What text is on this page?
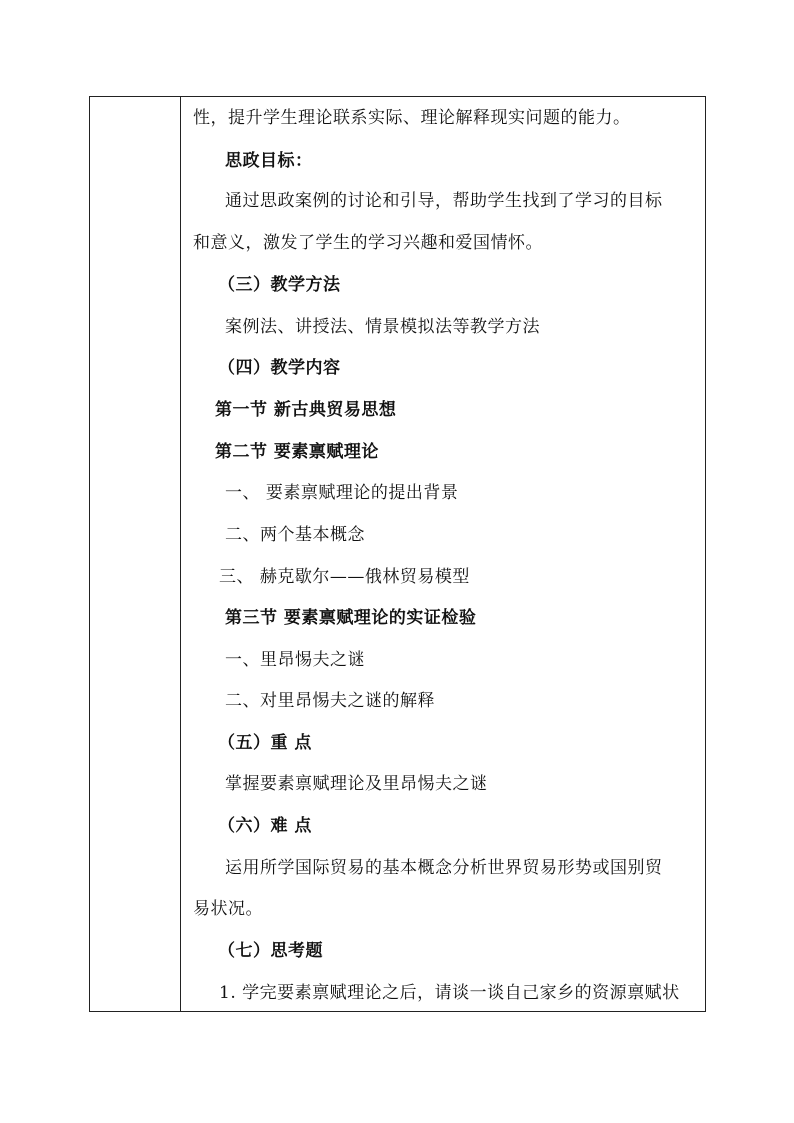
性，提升学生理论联系实际、理论解释现实问题的能力。
思政目标：
通过思政案例的讨论和引导，帮助学生找到了学习的目标
和意义，激发了学生的学习兴趣和爱国情怀。
（三）教学方法
案例法、讲授法、情景模拟法等教学方法
（四）教学内容
第一节 新古典贸易思想
第二节 要素禀赋理论
一、 要素禀赋理论的提出背景
二、两个基本概念
三、 赫克歇尔——俄林贸易模型
第三节 要素禀赋理论的实证检验
一、里昂惕夫之谜
二、对里昂惕夫之谜的解释
（五）重 点
掌握要素禀赋理论及里昂惕夫之谜
（六）难 点
运用所学国际贸易的基本概念分析世界贸易形势或国别贸
易状况。
（七）思考题
1. 学完要素禀赋理论之后，请谈一谈自己家乡的资源禀赋状
